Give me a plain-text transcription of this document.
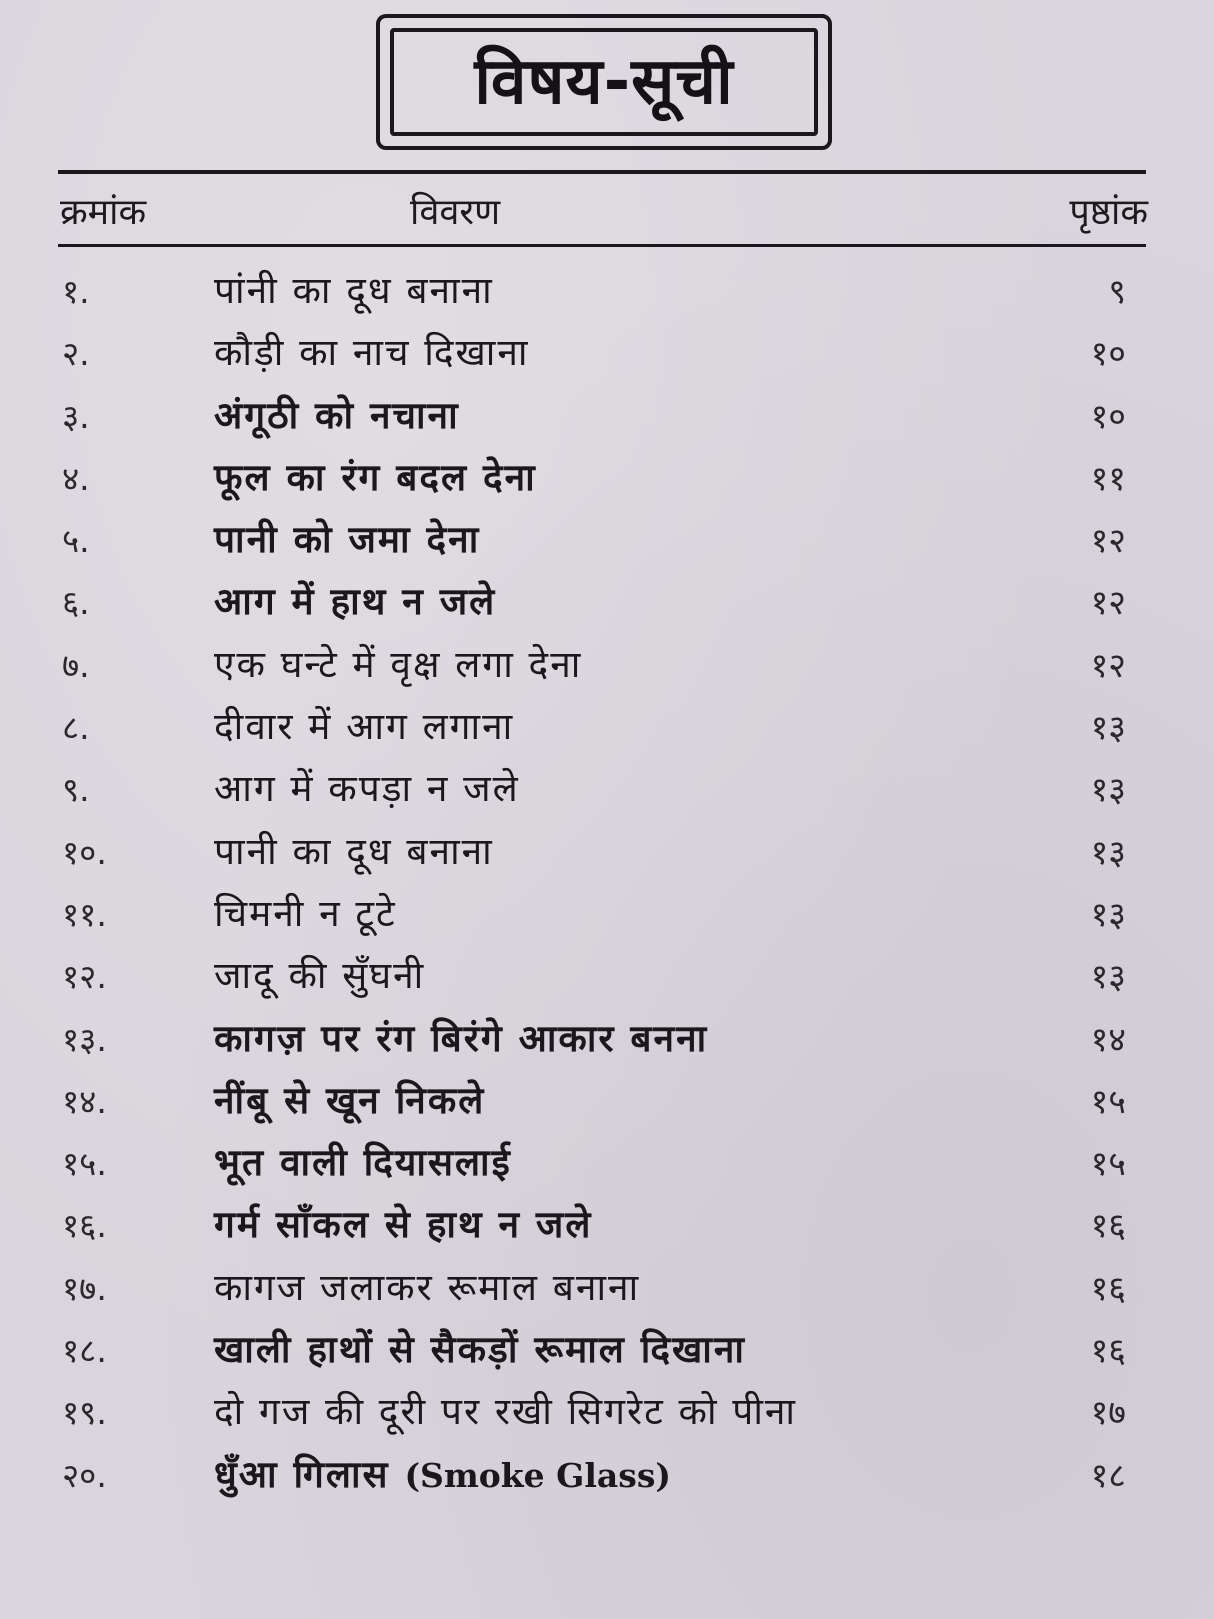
विषय-सूची
क्रमांक	विवरण	पृष्ठांक
१.	पांनी का दूध बनाना	९
२.	कौड़ी का नाच दिखाना	१०
३.	अंगूठी को नचाना	१०
४.	फूल का रंग बदल देना	११
५.	पानी को जमा देना	१२
६.	आग में हाथ न जले	१२
७.	एक घन्टे में वृक्ष लगा देना	१२
८.	दीवार में आग लगाना	१३
९.	आग में कपड़ा न जले	१३
१०.	पानी का दूध बनाना	१३
११.	चिमनी न टूटे	१३
१२.	जादू की सुँघनी	१३
१३.	कागज़ पर रंग बिरंगे आकार बनना	१४
१४.	नींबू से खून निकले	१५
१५.	भूत वाली दियासलाई	१५
१६.	गर्म साँकल से हाथ न जले	१६
१७.	कागज जलाकर रूमाल बनाना	१६
१८.	खाली हाथों से सैकड़ों रूमाल दिखाना	१६
१९.	दो गज की दूरी पर रखी सिगरेट को पीना	१७
२०.	धुँआ गिलास (Smoke Glass)	१८
